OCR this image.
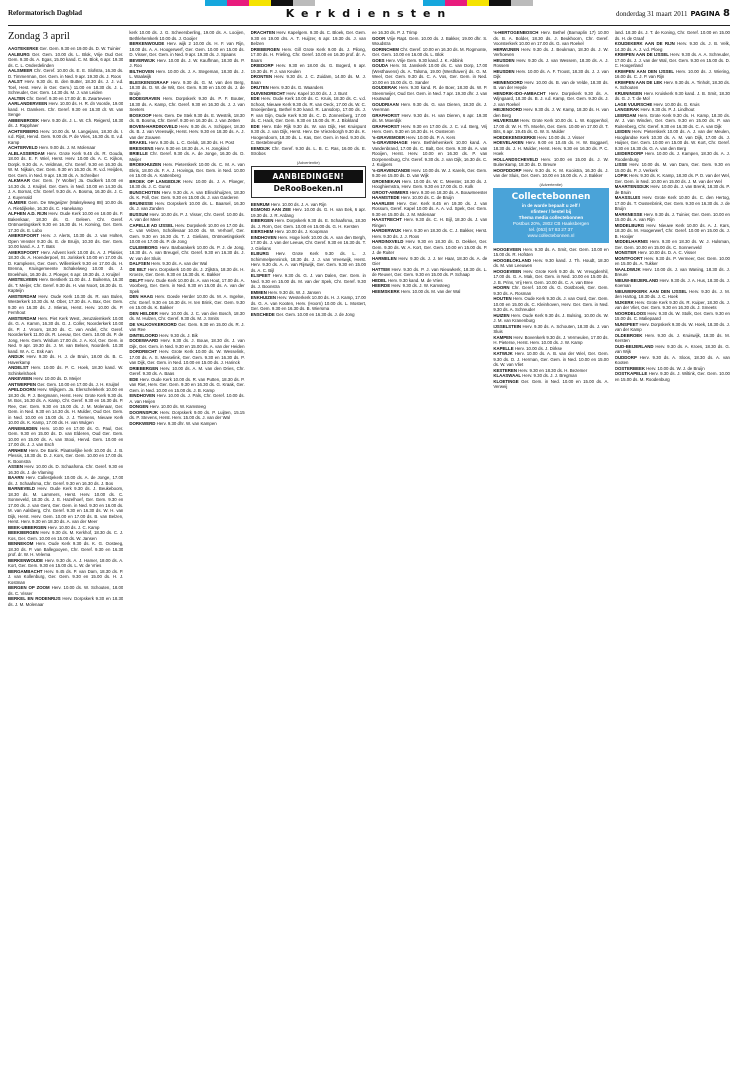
Reformatorisch Dagblad	Kerkdiensten	donderdag 31 maart 2011 PAGINA 8
Zondag 3 april

AAGTEKERKE Ger. Gem. 9.30 en 19.00 ds. D. W. Tuinier

AALBURG Ger. Gem. 10.00 ds. L. Blok, Vrije Oud Ger. Gem. 9.30 ds. A. Egas, 15.00 kand. C. M. Blok, 6 apr. 19.30 ds. C. L. Onderdelinden

AALSMEER Chr. Geref. 10.00 ds. E. E. Slofstra, 16.30 ds. D. Timmerman, Ger. Gem. in Ned. 9 apr. 19.30 ds. J. Roos

AALST Herv. 9.30 ds. B. den Butter, 18.30 ds. J. J. v.d. Toel, Hest. Herv. in Ger. Gem.) 11.00 en 18.30 ds. J. L. Schreuder, Ger. Gem. 14.30 ds. M. J. van Leiden

AALTEN Chr. Geref. 9.30 en 17.00 dr. B. Zwarteveen

AARLANDERVEEN Herv. 10.00 ds. H. R. dn Voorde, 19.00 kand. H. Damkers. Chr. Geref. 9.30 en 16.30 dr. W. van Senge

ABBENBROEK Herv. 9.30 ds. J. L. W. Ch. Reigersl, 18.30 ds. J. Rapphaer

ACHTERBERG Herv. 10.00 ds. M. Langejans, 18.30 ds. I. v.d. Rijst, Hervd. Gem. 9.00 ds. P. de Vries, 16.30 ds. E. v.d. Kamp

ACHTERVELD Herv. 9.00 ds. J. M. Molenaar

ALBLASSERDAM Herv. Grote Kerk 9.45 ds. R. Gouda, 18.00 ds. E. F. Wiel, Herst. Herv. 10.00 ds. A. C. Kijkon, Dorpk. 9.30 ds. A. Veldman, Chr. Geref. 9.30 en 16.30 ds. W. M. Nijkain, Ger. Gem. 9.30 en 16.30 ds. R. v.d. Heijden, Ger. Gem. in Ned. 9 apr. 19.30 ds. A. Schreiber

ALKMAAR Ger. Gem. (Y Wolter) Ja. Oudkerk 10.00 en 14.30 ds. J. Kruijtel. Ger. Gem. in Ned. 10.00 en 14.30 ds. J. A. Bornat, Chr. Geref. 9.30 ds. A. Bosma, 16.30 ds. J. C. J. Kuyervald

ALMERE Gem. De Wegwijzer (Maksyleweg 88) 10.00 ds. A. Rietdijkeke, 16.30 ds. C. Hanekamp

ALPHEN A.D. RIJN Herv. Oude Kerk 10.00 en 18.00 ds. F. Bakenkaar, 18.30 ds. G. Geleen. Chr. Geref. Ontmoetingskerk 9.30 en 16.30 ds. H. Korving, Ger. Gem. 17.30 ds. E. Lubo

AMERSFOORT Herv. J. Alerts, 10.30 ds. J. van Holten, Open Venster 9.30 ds. E. de Bruijn, 10.30 ds. Ger. Gem. 10.00 kand. A. J. T. Bats

AMERSFOORT Herv. Advent kerk 10.00 ds. A. J. Plaisier, 18.30 ds. A. Hoenderpoel, St. Joriskerk 10.00 en 17.00 ds. D. Kampkens, Ger. Gem. Willemkerk 9.30 en 17.00 ds. H. Brenna, Kruisgemeente Schakelweg 10.00 ds. J. Broekhuis, 16.30 ds. J. Ploeger, 6 apr. 19.30 ds. J. Kruijtel

AMSTELVEEN Herv. Bentkerk 11.00 ds. J. Buikema, 16.30 ds. T. Meijer, Chr. Geref. 9.30 ds. H. van Noort, 16.30 ds. G. Kapteijn

AMSTERDAM Herv. Oude Kerk 10.30 ds. R. van Bulen, Westerkerk 10.30 ds. M. Ober, 17.30 ds. A. Bax, Ger. Gem. 9.30 en 16.30 ds. J. Mieras, Herst. Herv. 10.00 ds. P. Fernhout

AMSTERDAM Herv. Piet Kerk West, Jeruzalemkerk 10.00 ds. G. A. Kamm, 16.30 ds. G. J. Coller, Noorderkerk 10.00 ds. P. J. Vroom, 18.30 ds. C. van Andel, Chr. Geref. Noorderkerk 11.00 ds. R. Leeuw, Ger. Gem. 10.00 ds. P. de Jong, Herv. Gem. Wirdum 17.00 ds. J. A. Kol, Ger. Gem. in Ned. 9 apr. 19.30 ds. J. M. van Belsen, Noorderk. 10.30 kand. W. A. C. Esk Aan

ANDIJK Herv. 9.30 ds. H. J. de Bruin, 18.00 ds. B. C. Haverkamp

ANDELST Herv. 10.00 ds. P. C. Hoek, 18.30 kand. W. Schinkelshoek

ANKEVEEN Herv. 10.00 ds. D. Meijer

ANTWERPEN Ger. Gem. 10.00 en 17.00 ds. J. H. Kruijtel

APELDOORN Herv. Wijkgem. Ja. Elerschelekerk 10.00 en 18.30 ds. P. J. Bergmann, Herst. Herv. Grote Kerk 9.30 ds. M. Bos, 16.30 ds. A. Kamp, Chr. Geref. 9.30 en 16.30 ds. P. Ree, Ger. Gem. 9.30 en 15.00 ds. J. M. Molenaar, Ger. Gem. in Ned. 9.30 en 14.30 ds. H. Mulder, Oud Ger. Gem. in Ned. 10.00 en 15.00 ds. J. J. Tiemens, Nieuwe Kerk 10.00 ds. K. Kamp, 17.00 ds. H. van Wulgen

ARNEMUIDEN Herv. 10.00 en 17.00 ds. G. Paul, Ger. Gem. 9.30 en 15.00 ds. D. van Elderen, Oud Ger. Gem. 10.00 en 15.00 ds. A. van Stooi, Hervd. Gem. 10.00 en 17.00 ds. J. J. van Esch

ARNHEM Herv. De Bank. Plaatselijke kerk 10.00 ds. J. B. Plessis, 18.30 ds. D. J. Kors, Ger. Gem. 10.00 en 17.00 ds. K. Boonstra

ASSEN Herv. 10.00 ds. D. Schaafsma. Chr. Geref. 9.30 en 16.30 ds. J. de Vlaming

BAARN Herv. Callestjekerk 10.00 ds. A. de Jonge, 17.00 ds. J. Schaafsma, Chr. Geref. 9.30 en 16.30 ds. J. Bos

BARNEVELD Herv. Oude Kerk 9.30 ds. J. Beukeboom, 18.30 ds. M. Lammers, Herst. Herv. 10.00 ds. C. Sonneveld, 18.30 ds. J. E. Hazelhoef, Ger. Gem. 9.30 en 17.00 ds. J. van Gent, Ger. Gem. in Ned. 9.30 en 16.00 ds. M. van Aalsberg, Chr. Geref. 9.30 en 16.30 ds. W. H. van Dijk, Herst. Herv. Gem. 10.00 en 17.00 ds. B. van Belzen, Herst. Herv. 9.30 en 18.30 ds. A. van der Meer

BEEK-UBBERGEN Herv. 10.00 ds. J. C. Kamp

BEEKBERGEN Herv. 9.30 ds. M. Kerkhof, 18.30 ds. C. J. Kos, Ger. Gem. 10.00 en 15.00 ds. W. Jansen

BENNEKOM Herv. Oude Kerk 9.30 ds. K. G. Oosteeg, 18.30 ds. P. van Ballegooyen, Chr. Geref. 9.30 en 16.30 prof. dr. W. H. Velema

BERKENWOUDE Herv. 9.30 ds. A. J. Hamer, 18.00 ds. A. Kort, Ger. Gem. 9.30 en 15.00 ds. L. W. de Vries

BERGAMBACHT Herv. 9.45 ds. P. van Dam, 18.30 ds. P. J. van Kollenburg, Ger. Gem. 9.30 en 15.00 ds. H. J. Kostman

BERGEN OP ZOOM Herv. 10.00 ds. W. Schouten, 18.00 ds. C. Visser

BERKEL EN RODENRIJS Herv. Dorpskerk 9.30 en 18.30 ds. J. M. Molenaar

kerk 10.00 ds. J. G. Scheersberling, 19.00 ds. A. Looijen, Bethlehemkerk 10.00 ds. J. Gooijer

BERKENWOUDE Herv. wijk 2 10.00 ds. H. F. van Rijn, 18.00 ds. A. A. Hoogerwerf, Ger. Gem. 10.00 en 15.00 ds. D. Visser, Ger. Gem. in Ned. 9 apr. 19.30 ds. J. Spaans

BEVERWIJK Herv. 10.00 ds. J. W. Kauffman, 18.30 ds. P. J. Roo

BILTHOVEN Herv. 10.00 ds. J. A. Stegeman, 18.30 ds. J. L. Waalwijk

BLESKENSGRAAF Herv. 9.30 ds. G. M. van den Berg, 18.30 ds. D. W. de Wit, Ger. Gem. 9.30 en 15.00 ds. J. de Bruijn

BODEGRAVEN Herv. Dorpskerk 9.30 ds. P. F. Bouter, 18.30 ds. A. Kamp, Chr. Geref. 9.30 en 16.30 ds. J. J. van Seeters

BOSKOOP Herv. Gem. De Stek 9.30 ds. E. Westrik, 18.30 ds. B. Bosma, Chr. Geref. 9.30 en 16.30 ds. J. van Zetten

BOVEN-HARDINXVELD Herv. 9.30 ds. A. Schipper, 18.30 ds. B. J. van Vreeswijk, Herst. Herv. 9.30 en 18.30 ds. A. J. van der Zouwen

BRAKEL Herv. 9.30 ds. L. C. Gelok, 18.30 ds. H. Post

BRESKENS Herv. 9.30 en 18.30 ds. A. H. Jongkind

BRIELLE Chr. Geref. 9.30 ds. A. de Jonge, 16.30 ds. D. Meijer

BROEKHUIZEN Herv. Pieterskerk 10.00 ds. C. M. A. van Ekris, 18.00 ds. F. A. J. Hovinga, Ger. Gem. in Ned. 10.00 en 15.00 ds. A. Kattenberg

BROEK OP LANGEDIJK Herv. 10.00 ds. J. A. Ploeger, 18.30 ds. J. C. Gunst

BUNSCHOTEN Herv. 9.30 ds. A. van Ellinckhuijzen, 18.30 ds. K. Poll, Ger. Gem. 9.30 en 15.00 ds. J. van Garderen

BRUINISSE Herv. Dorpskerk 10.00 ds. L. Baarsel, 16.30 ds. J. van Zanden

BUSSUM Herv. 10.00 ds. P. J. Visser, Chr. Geref. 10.00 ds. A. van der Meer

CAPELLE AD IJSSEL Herv. Dorpskerk 10.00 en 17.00 ds. C. van Velzen, Schollevaar 10.00 ds. W. Verhoef, Ger. Gem. 9.30 en 16.30 ds. T. J. Gielians, Ontmoetingskerk 10.00 en 17.00 ds. P. de Jong

CULEMBORG Herv. Barbarakerk 10.00 ds. P. J. de Jong, 18.30 ds. A. van Breugel, Chr. Geref. 9.30 en 16.30 ds. J. W. van der Sluis

DALFSEN Herv. 9.30 ds. A. van der Wal

DE BILT Herv. Dorpskerk 10.00 ds. J. Zijlstra, 18.30 ds. H. Kroeze, Ger. Gem. 9.30 en 16.30 ds. K. Bakker

DELFT Herv. Oude Kerk 10.00 ds. A. van Hout, 17.00 ds. A. Voorberg, Ger. Gem. in Ned. 9.30 en 15.00 ds. A. van der Spek

DEN HAAG Herv. Goede Herder 10.00 ds. M. A. Ingelse, Chr. Geref. 9.30 en 16.30 ds. H. ten Brink, Ger. Gem. 9.30 en 15.00 ds. K. Bakker

DEN HELDER Herv. 10.00 ds. J. C. van den Bosch, 18.30 ds. M. Hulzen, Chr. Geref. 9.30 ds. M. J. Smits

DE VALKOVKEROORD Ger. Gem. 9.30 en 15.00 ds. R. J. van Ree

DINTELOORD Herv. 9.30 ds. J. Bik

DODEWAARD Herv. 9.30 ds. J. Bouw, 18.30 ds. J. van Dijk, Ger. Gem. in Ned. 9.30 en 15.00 ds. A. van der Heiden

DORDRECHT Herv. Grote Kerk 10.00 ds. W. Wesselink, 17.00 ds. A. S. Messelink, Ger. Gem. 9.30 en 16.30 ds. P. van Dijk, Ger. Gem. in Ned. 10.00 en 15.00 ds. J. Harinck

DRIEBERGEN Herv. 10.00 ds. A. M. van den Dries, Chr. Geref. 9.30 ds. A. Baas

EDE Herv. Oude Kerk 10.00 ds. R. van Putten, 18.30 ds. P. van Riet, Herv. Ger. Gem. 9.30 en 16.30 ds. G. Kraak, Ger. Gem. in Ned. 10.00 en 15.00 ds. J. B. Kamp

EINDHOVEN Herv. 10.00 ds. J. Pals, Chr. Geref. 10.00 ds. A. van Heijen

DONGEN Herv. 10.00 ds. W. Kamsteeg

DOORNSPIJK Herv. Dorpskerk 9.00 ds. P. Luijten, 15.15 ds. P. Stevens, Herst. Herv. 15.00 ds. J. van der Wal

DORKWERD Herv. 9.30 dhr. W. van Kampen

DRACHTEN Herv. Kapelgem. 9.30 ds. C. Bloek, Ger. Gem. 9.30 en 19.00 drs. A. T. Huijzer, 6 apr. 19.30 ds. J. van Belzen

DRIEBERGEN Herv. Gill Grote Kerk 9.00 ds. J. Pilong, 17.00 ds. H. Frieling, Chr. Geref. 10.00 en 16.30 prof. dr. A. Baars

DRIEDORP Herv. 9.30 en 18.00 ds. G. Bogerd, 6 apr. 19.30 ds. P. J. van Keulen

DRONTEN Herv. 9.30 ds. J. C. Zuidam, 14.00 ds. M. J. Baan

DRUTEN Herv. 9.30 ds. G. Waanders

DUIVENDRECHT Herv. Kapel 10.00 ds. J. J. Bunt

EDE Herv. Oude Kerk 10.00 ds. C. Kruis, 18.30 ds. C. v.d. Schoot, Nieuwe Kerk 9.30 ds. R. van Oeck, 17.00 ds. W. C. Snoeijenberg, Bethel 9.30 kand. R. Lansdorp, 17.00 ds. J. P. van Gijn, Oude Kerk 9.30 ds. C. D. Zonnenberg, 17.00 ds. C. Hack, Ger. Gem. 9.30 en 15.00 ds. R. J. Blokland

EDE Herv. Ede Rijk 9.30 ds. W. van Dijk, Het Kruispunt 9.30 ds. J. van Dijk, Herst. Herv. De Vriezeborgh 9.30 ds. K. Hoogendoorn, 18.30 ds. L. Kas, Ger. Gem. in Ned. 9.30 ds. C. Bestebreurtje

EEMDIJK Chr. Geref. 9.30 ds. L. B. C. Ras, 16.00 ds. E. Strobos

(Advertentie)
AANBIEDINGEN!
DeRooBoeken.nl

EENRUM Herv. 10.00 ds. J. A. van Rijn

EGMOND AAN ZEE Herv. 10.00 ds. G. H. van Eek, 6 apr. 19.30 ds. J. R. Ardang

EIBERGEN Herv. Dorpskerk 9.30 ds. E. Schaafsma, 18.30 ds. J. Rorn, Ger. Gem. 10.00 en 15.00 ds. G. H. Kersten

EIERSHEM Herv. 10.00 ds. J. Koopman

EINDHOVEN Herv. Hoge kerk 10.00 ds. A. van den Bergh, 17.00 ds. J. van der Leeuw, Chr. Geref. 9.30 en 16.30 ds. T. J. Gielians

ELBURG Herv. Grote Kerk 9.30 ds. L. J. Schimmelpenninck, 18.30 ds. J. J. van Vreeswijk, Herst. Herv. 9.30 ds. A. A. van Rijswijk, Ger. Gem. 9.30 en 15.00 ds. A. C. Bijl

ELSPEET Herv. 9.30 ds. G. J. van Dalen, Ger. Gem. in Ned. 9.30 en 15.00 ds. M. van der Spek, Chr. Geref. 9.30 ds. J. Boonstra

EMMEN Herv. 9.30 ds. W. J. Jansen

ENKHUIZEN Herv. Westerkerk 10.00 ds. H. J. Kamp, 17.00 ds. G. A. van Kooten, Herv. (Hoorn) 10.00 ds. L. Mostert, Ger. Gem. 9.30 en 16.30 ds. B. Wiersma

ENSCHEDE Ger. Gem. 10.00 en 16.30 ds. J. de Jong

ee 16.30 ds. P. J. Trimp

GOOR Vrije Rapt. Gem. 10.00 ds. J. Bakker, 19.00 dhr. S. Woudstra

GORINCHEM Chr. Geref. 10.00 en 16.30 ds. M. Rogmonte, Ger. Gem. 10.00 en 16.00 ds. L. Blok

GOES Herv. Vrije Gem. 9.30 kand. J. K. Abbink

GOUDA Herv. St. Janskerk 10.00 ds. C. van Dorp, 17.00 (Westhavens) ds. A. Talsma, 19.00 (Westhaven) ds. G. M. Weel, Ger. Gem. 9.30 ds. C. A. Vos, Ger. Gem. in Ned. 10.00 en 15.00 ds. G. Sander

GOUDERAK Herv. 9.30 kand. R. de Boer, 18.30 ds. W. P. Steenmeijer, Oud Ger. Gem. in Ned. 7 apr. 19.30 dhr. J. van Houtwaal

GOUDRIAAN Herv. 9.30 ds. G. van Dieren, 18.30 ds. J. Veerman

GRAFHORST Herv. 9.30 ds. H. van Dieren, 6 apr. 19.30 ds. M. Moerdijk

GRAFHORST Herv. 9.30 en 17.00 ds. J. C. v.d. Berg, Vrij Herv. Gem. 9.30 en 16.30 ds. H. Oosterom

's-GRAVEMOER Herv. 10.00 ds. P. A. Kers

's-GRAVENHAGE Herv. Bethlehemkerk 10.00 kand. A. Vandenbrand, 17.00 ds. C. Balt, Ger. Gem. 9.30 ds. A. van Rooijen, Herst. Herv. 10.00 en 16.30 ds. P. van Dorpenenburg, Chr. Geref. 9.30 ds. J. van Dijk, 16.30 ds. C. J. Kuijpers

's-GRAVENZANDE Herv. 10.00 ds. W. J. Karels, Ger. Gem. 9.30 en 15.00 ds. D. van Wijk

GROENEKAN Herv. 10.00 ds. W. C. Meester, 18.30 ds. J. Hooghiemstra, Herv. Gem. 9.30 en 17.00 ds. D. Kolk

GROOT-AMMERS Herv. 9.30 en 18.30 ds. A. Bouwmeester

HAAMSTEDE Herv. 10.00 ds. C. de Bruijn

HAARLEM Herv. Ger. Kerk 8.45 en 19.30 ds. J. van Rossum, Geref. Kapel 10.00 ds. A. A. v.d. Spek, Ger. Gem. 9.30 en 15.00 ds. J. M. Molenaar

HAASTRECHT Herv. 9.30 ds. C. H. Bijl, 18.30 ds. J. van Ringen

HARDERWIJK Herv. 9.30 en 18.30 ds. C. J. Bakker, Herst. Herv. 9.30 ds. J. J. Roos

HARDINXVELD Herv. 9.30 en 18.30 ds. D. Dekker, Ger. Gem. 9.30 ds. W. A. Kort, Ger. Gem. 10.00 en 15.00 ds. P. J. de Ruiter

HARMELEN Herv. 9.30 ds. J. J. ter Haar, 18.30 ds. A. de Gier

HATTEM Herv. 9.30 ds. P. J. van Nieuwkerk, 18.30 ds. L. de Reuver, Ger. Gem. 9.30 en 15.00 ds. P. Schaap

HEDEL Herv. 9.30 kand. M. de Vries

HEERDE Herv. 9.30 ds. J. W. Kamsteeg

HEEMSKERK Herv. 10.00 ds. M. van der Wal

's-HERTOGENBOSCH Herv. Bethel (Barnaplin 17) 10.00 ds. B. A. Bolder, 18.30 ds. J. Beukhoorn, Chr. Geref. Voorsterkerk 10.00 en 17.00 ds. G. van Roekel

HERWIJNEN Herv. 9.30 ds. J. Beukman, 18.30 ds. J. W. Verhoeven

HEUSDEN Herv. 9.30 ds. J. van Wessem, 18.30 ds. A. J. Rossem

HEUSDEN Herv. 10.00 ds. A. F. Troost, 18.30 ds. J. J. van Dijk

HEINENOORD Herv. 10.00 ds. B. van de Velde, 18.30 ds. B. van der Heyde

HENDRIK-IDO-AMBACHT Herv. Dorpskerk 9.30 ds. A. Wijngaard, 18.30 ds. B. J. v.d. Kamp, Ger. Gem. 9.30 ds. J. J. van Roekel

HEIJENOORD Herv. 9.30 ds. J. W. Kamp, 18.30 ds. H. van den Berg

HILVERSUM Herv. Grote Kerk 10.00 ds. L. W. Koppenhol, 17.00 dr. W. H. Th. Moehn, Ger. Gem. 10.00 en 17.00 dr. T. Bits, 6 apr. 19.45 ds. G. W. S. Mulder

HOEDEKENSKERKE Herv. 10.00 ds. J. Visser

HOEVELAKEN Herv. 9.00 en 10.45 ds. H. W. Boggaerl, 18.30 ds. J. H. Mulder, Herst. Herv. 9.30 en 16.30 ds. P. C. Hoek

HOLLANDSCHEVELD Herv. 10.00 en 15.00 ds. J. W. Buitenkamp, 18.30 ds. D. Breure

HOOFDDORP Herv. 9.30 ds. K. M. Kooistra, 16.30 ds. J. van der Sluis, Ger. Gem. 10.00 en 16.00 ds. A. J. Bakker

(Advertentie)
Collectebonnen
in de warde bepaalt u zelf /
nfinteer / bestel bij
Thema media collectebonnen
Postbus 20%, 2802 CB Haaksbergen
tel. (053) 57 83 27 37
www.collectebonnen.nl

HOOGEVEEN Herv. 9.30 ds. A. Smit, Ger. Gem. 10.00 en 15.00 ds. R. Hofsten

HOOGBLOKLAND Herv. 9.30 kand. J. Th. Houdt, 18.30 ds. M. van Leeuwen

HOOGEVEEN Herv. Grote Kerk 9.30 ds. W. Vreugdenhil, 17.00 ds. G. A. Mak, Ger. Gem. in Ned. 10.00 en 15.00 ds. J. B. Prins, Vrij Herv. Gem. 10.00 ds. C. A. van Bree

HOORN Chr. Geref. 10.00 ds. G. Oostbroek, Ger. Gem. 9.30 ds. A. Rosman

HOUTEN Herv. Oude Kerk 9.30 ds. J. van Oord, Ger. Gem. 10.00 en 15.00 ds. C. Kleinhoven, Herv. Ger. Gem. in Ned. 9.30 ds. A. Schreuder

HUIZEN Herv. Oude Kerk 9.30 ds. J. Bulsing, 10.00 ds. W. J. M. van Kranenburg

IJSSELSTEIN Herv. 9.30 ds. A. Schouten, 18.30 ds. J. van Sluis

KAMPEN Herv. Bovenkerk 9.30 ds. J. Vermeulen, 17.00 ds. H. Pieterse, Herst. Herv. 10.00 ds. J. W. Kamp

KAPELLE Herv. 10.00 ds. J. Dirkse

KATWIJK Herv. 10.00 ds. A. B. van der Wiel, Ger. Gem. 9.30 ds. D. J. Herman, Ger. Gem. in Ned. 10.00 en 15.00 ds. W. van Vliet

KESTEREN Herv. 9.30 en 18.30 ds. H. Bezemer

KLAASWAAL Herv. 9.30 ds. J. J. Bregman

KLOETINGE Ger. Gem. in Ned. 10.00 en 15.00 ds. A. Verweij

land. 18.30 ds. J. T. de Koning, Chr. Geref. 10.00 en 15.00 ds. H. de Graaf

KOUDEKERK AAN DE RIJN Herv. 9.30 ds. J. B. Velk, 14.30 ds. A. J. v.d. Ploeg

KRIMPEN AAN DE IJSSEL Herv. 9.30 ds. A. A. Schreuder, 17.00 ds. J. J. van der Wal, Ger. Gem. 9.30 en 15.00 ds. D. C. Hoogerland

KRIMPEN AAN DEN IJSSEL Herv. 10.00 ds. J. Wiering, 16.00 ds. C. J. P. van Rijn

KRIMPEN AAN DE LEK Herv. 9.30 ds. A. Tinholt, 18.30 ds. A. Schouten

KRUININGEN Herv. Kruiskerk 9.30 kand. J. B. Smit, 18.30 ds. G. J. T. de Mol

LAGE VUURSCHE Herv. 10.00 ds. G. Kruis

LANGERAK Herv. 9.30 ds. P. J. Lindhout

LEERDAM Herv. Grote Kerk 9.30 ds. H. Kamp, 18.30 ds. W. J. van Winden, Ger. Gem. 9.30 en 15.00 ds. P. van Ruitenberg, Chr. Geref. 9.30 en 16.30 ds. C. A. van Dijk

LEIDEN Herv. Pieterskerk 10.00 ds. A. J. van der Meulen, Hooglandse Kerk 10.30 ds. A. M. van Dijk, 17.00 ds. J. Huijser, Ger. Gem. 10.00 en 15.00 ds. W. Kort, Chr. Geref. 9.30 en 16.30 ds. G. A. van den Berg

LEIDERDORP Herv. 10.00 ds. J. Kampen, 18.30 ds. A. J. Roodenburg

LISSE Herv. 10.00 ds. M. van Dam, Ger. Gem. 9.30 en 15.00 ds. P. J. Verkerk

LOPIK Herv. 9.30 ds. K. Kamp, 18.30 ds. P. D. van der Wel, Ger. Gem. in Ned. 10.00 en 15.00 ds. J. M. van der Wel

MAARTENSDIJK Herv. 10.00 ds. J. van Brenk, 18.30 ds. P. de Bruin

MAASSLUIS Herv. Grote Kerk 10.00 ds. C. den Hertog, 17.00 ds. T. Oostenbrink, Ger. Gem. 9.30 en 16.30 ds. J. de Bruijn

MARKNESSE Herv. 9.30 ds. J. Tuinier, Ger. Gem. 10.00 en 15.00 ds. A. van Rijn

MIDDELBURG Herv. Nieuwe Kerk 10.00 ds. A. J. Kars, 18.30 ds. M. Hoogerwerf, Chr. Geref. 10.00 en 15.00 ds. J. B. Hooijer

MIDDELHARNIS Herv. 9.30 en 18.30 ds. W. J. Hulsman, Ger. Gem. 10.00 en 15.00 ds. C. Sonnenveld

MONSTER Herv. 10.00 ds. D. A. C. Visser

MONTFOORT Herv. 9.30 ds. P. Vermeer, Ger. Gem. 10.00 en 15.00 ds. A. Tukker

NAALDWIJK Herv. 10.00 ds. J. van Waning, 18.30 ds. J. Breure

NIEUW-BEIJERLAND Herv. 9.30 ds. J. A. Hus, 18.30 ds. J. Koeman

NIEUWERKERK AAN DEN IJSSEL Herv. 9.30 ds. J. M. den Hartog, 18.30 ds. J. C. Hoek

NIJKERK Herv. Grote Kerk 9.30 ds. R. Kuiper, 18.30 ds. J. van der Vliet, Ger. Gem. 9.30 en 16.30 ds. J. Smeets

NOORDELOOS Herv. 9.30 ds. W. Stolk, Ger. Gem. 9.30 en 15.00 ds. C. Maliepaard

NUNSPEET Herv. Dorpskerk 9.30 ds. W. Hoek, 18.30 ds. J. van der Kamp

OLDEBROEK Herv. 9.30 ds. J. Kruiswijk, 18.30 ds. M. Kersten

OUD-BEIJERLAND Herv. 9.30 ds. A. Kroes, 18.30 ds. G. van Wijk

OUDDORP Herv. 9.30 ds. A. Sloos, 18.30 ds. A. van Kooten

OOSTERBEEK Herv. 10.00 ds. W. J. de Bruijn

OOSTKAPELLE Herv. 9.30 ds. J. Wiltink, Ger. Gem. 10.00 en 15.00 ds. M. Roodenburg
